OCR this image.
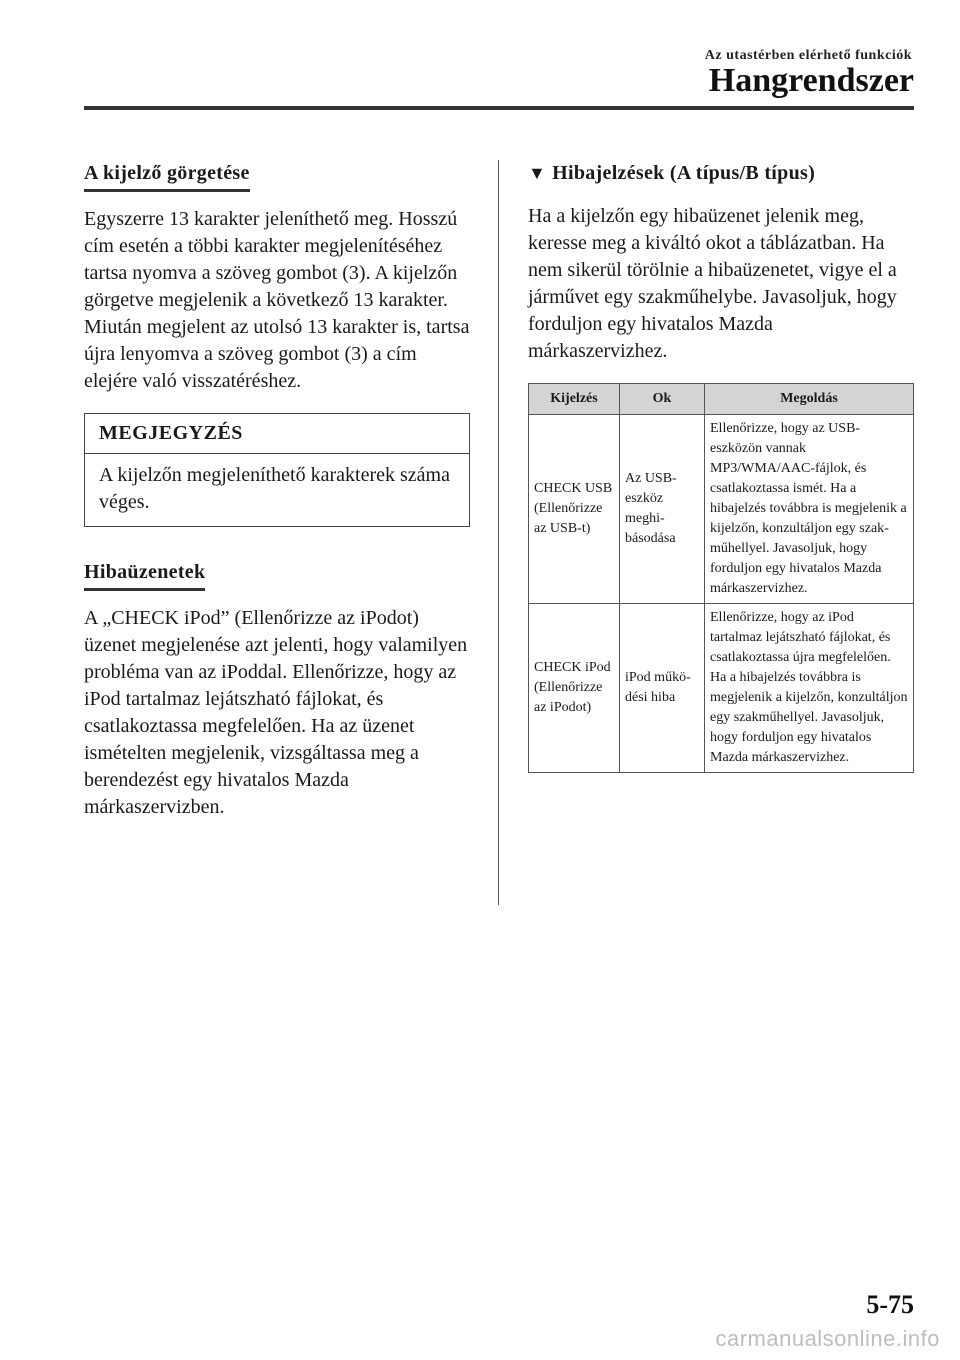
Az utastérben elérhető funkciók
Hangrendszer
A kijelző görgetése

Egyszerre 13 karakter jeleníthető meg. Hosszú cím esetén a többi karakter megjelenítéséhez tartsa nyomva a szöveg gombot (3). A kijelzőn görgetve megjelenik a következő 13 karakter. Miután megjelent az utolsó 13 karakter is, tartsa újra lenyomva a szöveg gombot (3) a cím elejére való visszatéréshez.

MEGJEGYZÉS
A kijelzőn megjeleníthető karakterek száma véges.
Hibaüzenetek

A „CHECK iPod” (Ellenőrizze az iPodot) üzenet megjelenése azt jelenti, hogy valamilyen probléma van az iPoddal. Ellenőrizze, hogy az iPod tartalmaz lejátszható fájlokat, és csatlakoztassa megfelelően. Ha az üzenet ismételten megjelenik, vizsgáltassa meg a berendezést egy hivatalos Mazda márkaszervizben.

▼ Hibajelzések (A típus/B típus)

Ha a kijelzőn egy hibaüzenet jelenik meg, keresse meg a kiváltó okot a táblázatban. Ha nem sikerül törölnie a hibaüzenetet, vigye el a járművet egy szakműhelybe. Javasoljuk, hogy forduljon egy hivatalos Mazda márkaszervizhez.

Kijelzés	Ok	Megoldás
CHECK USB (Ellenőrizze az USB-t)	Az USB-eszköz meghibásodása	Ellenőrizze, hogy az USB-eszközön vannak MP3/WMA/AAC-fájlok, és csatlakoztassa ismét. Ha a hibajelzés továbbra is megjelenik a kijelzőn, konzultáljon egy szakműhellyel. Javasoljuk, hogy forduljon egy hivatalos Mazda márkaszervizhez.
CHECK iPod (Ellenőrizze az iPodot)	iPod működési hiba	Ellenőrizze, hogy az iPod tartalmaz lejátszható fájlokat, és csatlakoztassa újra megfelelően. Ha a hibajelzés továbbra is megjelenik a kijelzőn, konzultáljon egy szakműhellyel. Javasoljuk, hogy forduljon egy hivatalos Mazda márkaszervizhez.
5-75
carmanualsonline.info
